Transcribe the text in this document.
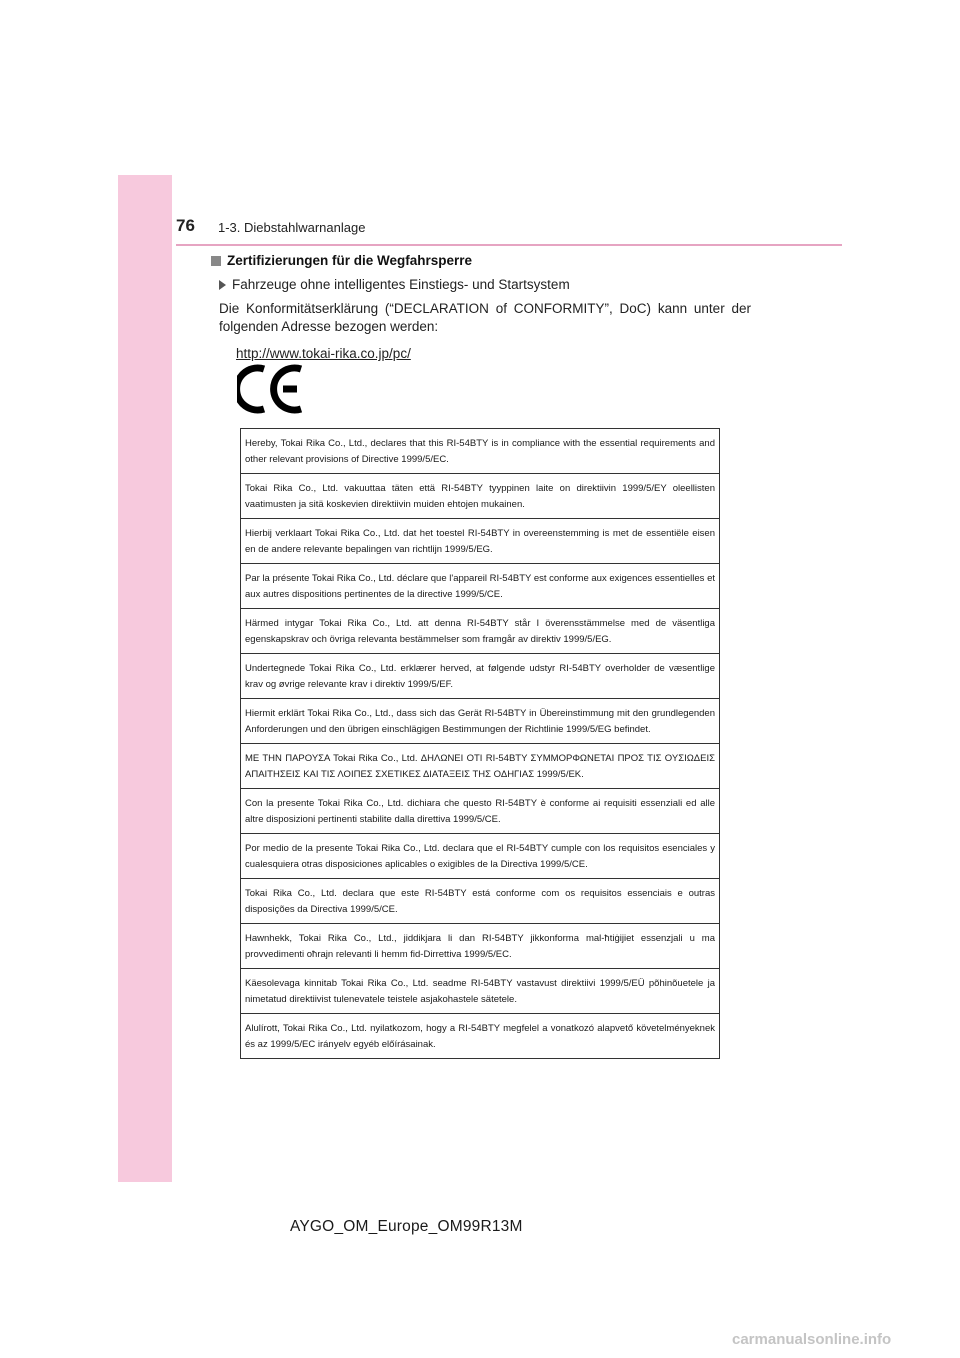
76 1-3. Diebstahlwarnanlage
Zertifizierungen für die Wegfahrsperre
Fahrzeuge ohne intelligentes Einstiegs- und Startsystem

Die Konformitätserklärung (“DECLARATION of CONFORMITY”, DoC) kann unter der folgenden Adresse bezogen werden:

http://www.tokai-rika.co.jp/pc/
Hereby, Tokai Rika Co., Ltd., declares that this RI-54BTY is in compliance with the essential requirements and other relevant provisions of Directive 1999/5/EC.
Tokai Rika Co., Ltd. vakuuttaa täten että RI-54BTY tyyppinen laite on direktiivin 1999/5/EY oleellisten vaatimusten ja sitä koskevien direktiivin muiden ehtojen mukainen.
Hierbij verklaart Tokai Rika Co., Ltd. dat het toestel RI-54BTY in overeenstemming is met de essentiële eisen en de andere relevante bepalingen van richtlijn 1999/5/EG.
Par la présente Tokai Rika Co., Ltd. déclare que l'appareil RI-54BTY est conforme aux exigences essentielles et aux autres dispositions pertinentes de la directive 1999/5/CE.
Härmed intygar Tokai Rika Co., Ltd. att denna RI-54BTY står I överensstämmelse med de väsentliga egenskapskrav och övriga relevanta bestämmelser som framgår av direktiv 1999/5/EG.
Undertegnede Tokai Rika Co., Ltd. erklærer herved, at følgende udstyr RI-54BTY overholder de væsentlige krav og øvrige relevante krav i direktiv 1999/5/EF.
Hiermit erklärt Tokai Rika Co., Ltd., dass sich das Gerät RI-54BTY in Übereinstimmung mit den grundlegenden Anforderungen und den übrigen einschlägigen Bestimmungen der Richtlinie 1999/5/EG befindet.
ΜΕ ΤΗΝ ΠΑΡΟΥΣΑ Tokai Rika Co., Ltd. ΔΗΛΩΝΕΙ ΟΤΙ RI-54BTY ΣΥΜΜΟΡΦΩΝΕΤΑΙ ΠΡΟΣ ΤΙΣ ΟΥΣΙΩΔΕΙΣ ΑΠΑΙΤΗΣΕΙΣ ΚΑΙ ΤΙΣ ΛΟΙΠΕΣ ΣΧΕΤΙΚΕΣ ΔΙΑΤΑΞΕΙΣ ΤΗΣ ΟΔΗΓΙΑΣ 1999/5/ΕΚ.
Con la presente Tokai Rika Co., Ltd. dichiara che questo RI-54BTY è conforme ai requisiti essenziali ed alle altre disposizioni pertinenti stabilite dalla direttiva 1999/5/CE.
Por medio de la presente Tokai Rika Co., Ltd. declara que el RI-54BTY cumple con los requisitos esenciales y cualesquiera otras disposiciones aplicables o exigibles de la Directiva 1999/5/CE.
Tokai Rika Co., Ltd. declara que este RI-54BTY está conforme com os requisitos essenciais e outras disposições da Directiva 1999/5/CE.
Hawnhekk, Tokai Rika Co., Ltd., jiddikjara li dan RI-54BTY jikkonforma mal-ħtiġijiet essenzjali u ma provvedimenti oħrajn relevanti li hemm fid-Dirrettiva 1999/5/EC.
Käesolevaga kinnitab Tokai Rika Co., Ltd. seadme RI-54BTY vastavust direktiivi 1999/5/EÜ põhinõuetele ja nimetatud direktiivist tulenevatele teistele asjakohastele sätetele.
Alulírott, Tokai Rika Co., Ltd. nyilatkozom, hogy a RI-54BTY megfelel a vonatkozó alapvető követelményeknek és az 1999/5/EC irányelv egyéb előírásainak.
AYGO_OM_Europe_OM99R13M
carmanualsonline.info
